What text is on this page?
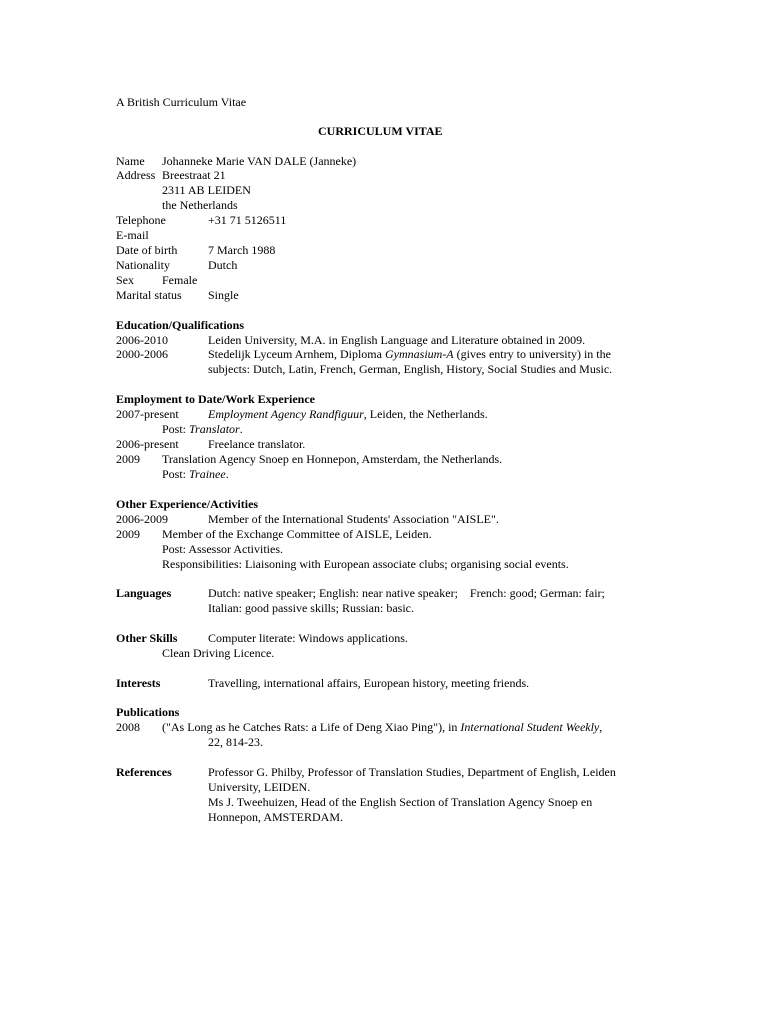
A British Curriculum Vitae
CURRICULUM VITAE
Name Johanneke Marie VAN DALE (Janneke)
Address Breestraat 21
2311 AB LEIDEN
the Netherlands
Telephone	+31 71 5126511
E-mail
Date of birth	7 March 1988
Nationality	Dutch
Sex Female
Marital status Single
Education/Qualifications
2006-2010	Leiden University, M.A. in English Language and Literature obtained in 2009.
2000-2006	Stedelijk Lyceum Arnhem, Diploma Gymnasium-A (gives entry to university) in the
subjects: Dutch, Latin, French, German, English, History, Social Studies and Music.
Employment to Date/Work Experience
2007-present Employment Agency Randfiguur, Leiden, the Netherlands.
Post: Translator.
2006-present Freelance translator.
2009 Translation Agency Snoep en Honnepon, Amsterdam, the Netherlands.
Post: Trainee.
Other Experience/Activities
2006-2009	Member of the International Students' Association "AISLE".
2009 Member of the Exchange Committee of AISLE, Leiden.
Post: Assessor Activities.
Responsibilities: Liaisoning with European associate clubs; organising social events.
Languages	Dutch: native speaker; English: near native speaker;    French: good; German: fair;
Italian: good passive skills; Russian: basic.
Other Skills	Computer literate: Windows applications.
Clean Driving Licence.
Interests	Travelling, international affairs, European history, meeting friends.
Publications
2008 ("As Long as he Catches Rats: a Life of Deng Xiao Ping"), in International Student Weekly,
22, 814-23.
References	Professor G. Philby, Professor of Translation Studies, Department of English, Leiden
University, LEIDEN.
Ms J. Tweehuizen, Head of the English Section of Translation Agency Snoep en
Honnepon, AMSTERDAM.
